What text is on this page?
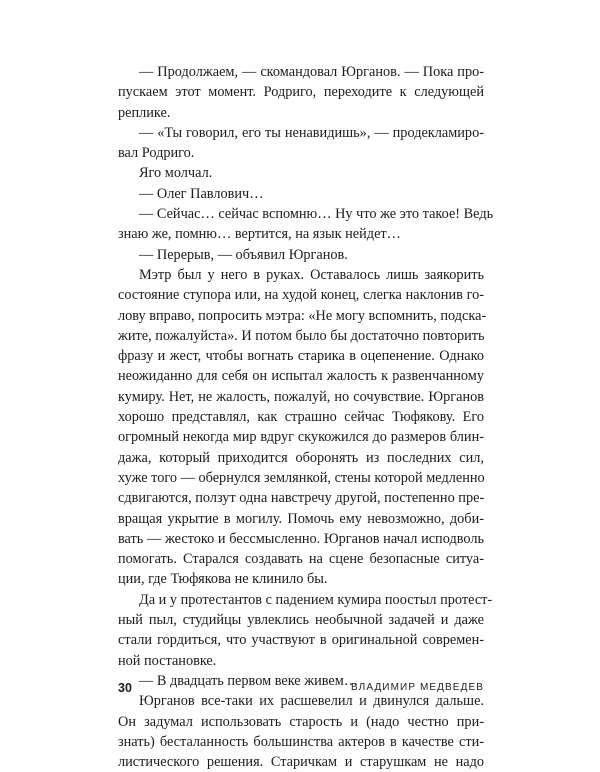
— Продолжаем, — скомандовал Юрганов. — Пока про-
пускаем этот момент. Родриго, переходите к следующей
реплике.
— «Ты говорил, его ты ненавидишь», — продекламиро-
вал Родриго.
Яго молчал.
— Олег Павлович…
— Сейчас… сейчас вспомню… Ну что же это такое! Ведь
знаю же, помню… вертится, на язык нейдет…
— Перерыв, — объявил Юрганов.
Мэтр был у него в руках. Оставалось лишь заякорить
состояние ступора или, на худой конец, слегка наклонив го-
лову вправо, попросить мэтра: «Не могу вспомнить, подска-
жите, пожалуйста». И потом было бы достаточно повторить
фразу и жест, чтобы вогнать старика в оцепенение. Однако
неожиданно для себя он испытал жалость к развенчанному
кумиру. Нет, не жалость, пожалуй, но сочувствие. Юрганов
хорошо представлял, как страшно сейчас Тюфякову. Его
огромный некогда мир вдруг скукожился до размеров блин-
дажа, который приходится оборонять из последних сил,
хуже того — обернулся землянкой, стены которой медленно
сдвигаются, ползут одна навстречу другой, постепенно пре-
вращая укрытие в могилу. Помочь ему невозможно, доби-
вать — жестоко и бессмысленно. Юрганов начал исподволь
помогать. Старался создавать на сцене безопасные ситуа-
ции, где Тюфякова не клинило бы.
Да и у протестантов с падением кумира поостыл протест-
ный пыл, студийцы увлеклись необычной задачей и даже
стали гордиться, что участвуют в оригинальной современ-
ной постановке.
— В двадцать первом веке живем…
Юрганов все-таки их расшевелил и двинулся дальше.
Он задумал использовать старость и (надо честно при-
знать) бесталанность большинства актеров в качестве сти-
листического решения. Старичкам и старушкам не надо
30	ВЛАДИМИР МЕДВЕДЕВ
